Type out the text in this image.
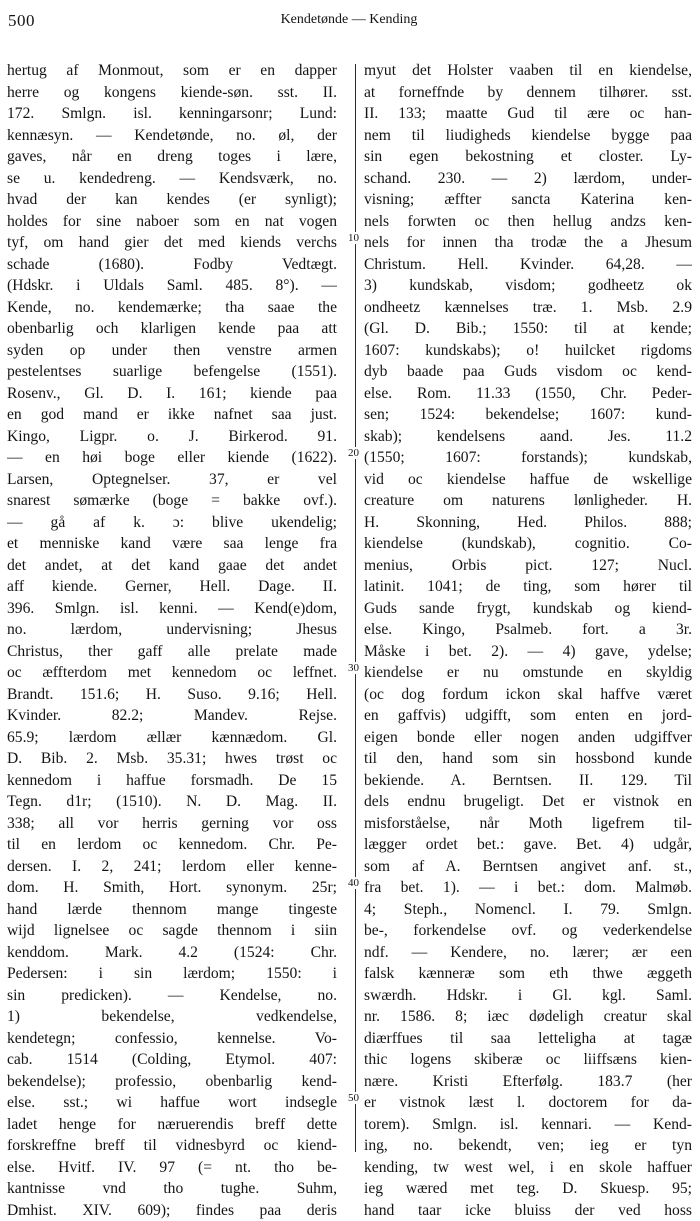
500	Kendetønde — Kending
hertug af Monmout, som er en dapper
herre og kongens kiende-søn. sst. II.
172. Smlgn. isl. kenningarsonr; Lund:
kennæsyn. — Kendetønde, no. øl, der
gaves, når en dreng toges i lære,
se u. kendedreng. — Kendsværk, no.
hvad der kan kendes (er synligt);
holdes for sine naboer som en nat vogen
tyf, om hand gier det med kiends verchs
schade (1680). Fodby Vedtægt.
(Hdskr. i Uldals Saml. 485. 8°). —
Kende, no. kendemærke; tha saae the
obenbarlig och klarligen kende paa att
syden op under then venstre armen
pestelentses suarlige befengelse (1551).
Rosenv., Gl. D. I. 161; kiende paa
en god mand er ikke nafnet saa just.
Kingo, Ligpr. o. J. Birkerod. 91.
— en høi boge eller kiende (1622).
Larsen, Optegnelser. 37, er vel
snarest sømærke (boge = bakke ovf.).
— gå af k. ɔ: blive ukendelig;
et menniske kand være saa lenge fra
det andet, at det kand gaae det andet
aff kiende. Gerner, Hell. Dage. II.
396. Smlgn. isl. kenni. — Kend(e)dom,
no. lærdom, undervisning; Jhesus
Christus, ther gaff alle prelate made
oc æffterdom met kennedom oc leffnet.
Brandt. 151.6; H. Suso. 9.16; Hell.
Kvinder. 82.2; Mandev. Rejse.
65.9; lærdom ællær kænnædom. Gl.
D. Bib. 2. Msb. 35.31; hwes trøst oc
kennedom i haffue forsmadh. De 15
Tegn. d1r; (1510). N. D. Mag. II.
338; all vor herris gerning vor oss
til en lerdom oc kennedom. Chr. Pe-
dersen. I. 2, 241; lerdom eller kenne-
dom. H. Smith, Hort. synonym. 25r;
hand lærde thennom mange tingeste
wijd lignelsee oc sagde thennom i siin
kenddom. Mark. 4.2 (1524: Chr.
Pedersen: i sin lærdom; 1550: i
sin predicken). — Kendelse, no.
1) bekendelse, vedkendelse,
kendetegn; confessio, kennelse. Vo-
cab. 1514 (Colding, Etymol. 407:
bekendelse); professio, obenbarlig kend-
else. sst.; wi haffue wort indsegle
ladet henge for næruerendis breff dette
forskreffne breff til vidnesbyrd oc kiend-
else. Hvitf. IV. 97 (= nt. tho be-
kantnisse vnd tho tughe. Suhm,
Dmhist. XIV. 609); findes paa deris
myut det Holster vaaben til en kiendelse,
at forneffnde by dennem tilhører. sst.
II. 133; maatte Gud til ære oc han-
nem til liudigheds kiendelse bygge paa
sin egen bekostning et closter. Ly-
schand. 230. — 2) lærdom, under-
visning; æffter sancta Katerina ken-
nels forwten oc then hellug andzs ken-
nels for innen tha trodæ the a Jhesum
Christum. Hell. Kvinder. 64,28. —
3) kundskab, visdom; godheetz ok
ondheetz kænnelses træ. 1. Msb. 2.9
(Gl. D. Bib.; 1550: til at kende;
1607: kundskabs); o! huilcket rigdoms
dyb baade paa Guds visdom oc kend-
else. Rom. 11.33 (1550, Chr. Peder-
sen; 1524: bekendelse; 1607: kund-
skab); kendelsens aand. Jes. 11.2
(1550; 1607: forstands); kundskab,
vid oc kiendelse haffue de wskellige
creature om naturens lønligheder. H.
H. Skonning, Hed. Philos. 888;
kiendelse (kundskab), cognitio. Co-
menius, Orbis pict. 127; Nucl.
latinit. 1041; de ting, som hører til
Guds sande frygt, kundskab og kiend-
else. Kingo, Psalmeb. fort. a 3r.
Måske i bet. 2). — 4) gave, ydelse;
kiendelse er nu omstunde en skyldig
(oc dog fordum ickon skal haffve været
en gaffvis) udgifft, som enten en jord-
eigen bonde eller nogen anden udgiffver
til den, hand som sin hossbond kunde
bekiende. A. Berntsen. II. 129. Til
dels endnu brugeligt. Det er vistnok en
misforståelse, når Moth ligefrem til-
lægger ordet bet.: gave. Bet. 4) udgår,
som af A. Berntsen angivet anf. st.,
fra bet. 1). — i bet.: dom. Malmøb.
4; Steph., Nomencl. I. 79. Smlgn.
be-, forkendelse ovf. og vederkendelse
ndf. — Kendere, no. lærer; ær een
falsk kænneræ som eth thwe æggeth
swærdh. Hdskr. i Gl. kgl. Saml.
nr. 1586. 8; iæc dødeligh creatur skal
diærffues til saa letteligha at tagæ
thic logens skiberæ oc liiffsæns kien-
nære. Kristi Efterfølg. 183.7 (her
er vistnok læst l. doctorem for da-
torem). Smlgn. isl. kennari. — Kend-
ing, no. bekendt, ven; ieg er tyn
kending, tw west wel, i en skole haffuer
ieg wæred met teg. D. Skuesp. 95;
hand taar icke bluiss der ved hoss
10
20
30
40
50
